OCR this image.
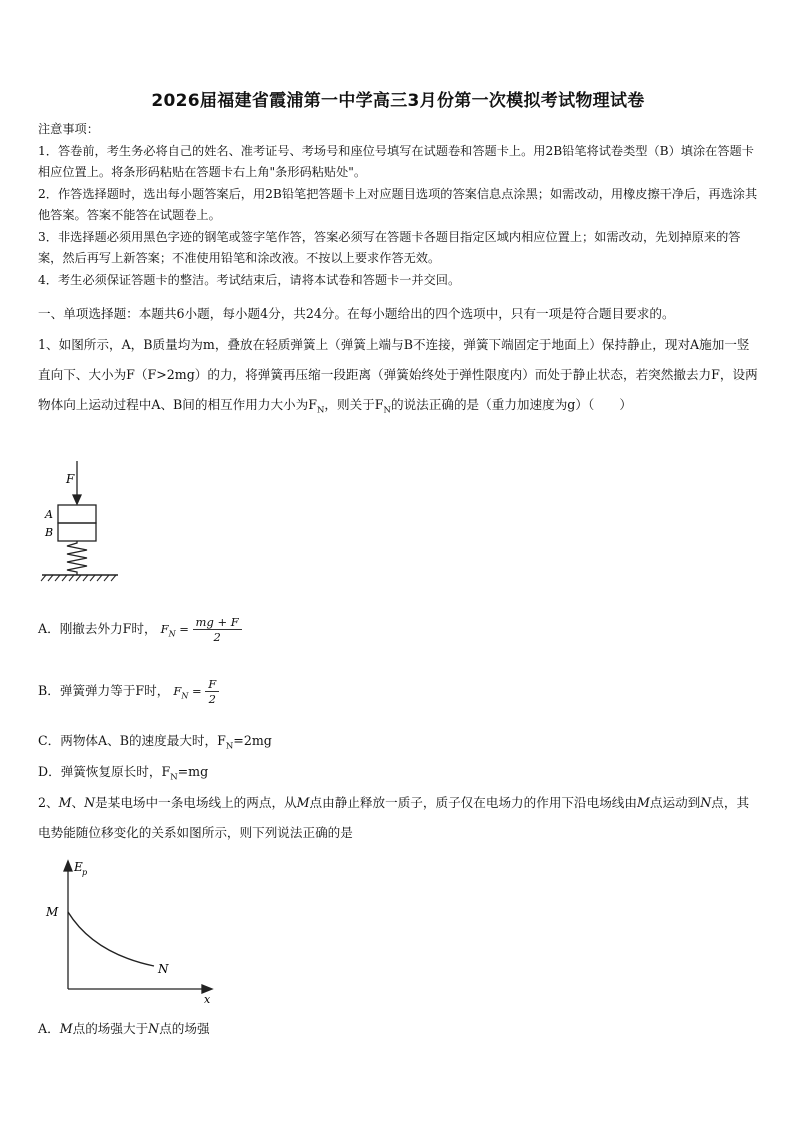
2026届福建省霞浦第一中学高三3月份第一次模拟考试物理试卷

注意事项：

1．答卷前，考生务必将自己的姓名、准考证号、考场号和座位号填写在试题卷和答题卡上。用2B铅笔将试卷类型（B）填涂在答题卡相应位置上。将条形码粘贴在答题卡右上角"条形码粘贴处"。

2．作答选择题时，选出每小题答案后，用2B铅笔把答题卡上对应题目选项的答案信息点涂黑；如需改动，用橡皮擦干净后，再选涂其他答案。答案不能答在试题卷上。

3．非选择题必须用黑色字迹的钢笔或签字笔作答，答案必须写在答题卡各题目指定区域内相应位置上；如需改动，先划掉原来的答案，然后再写上新答案；不准使用铅笔和涂改液。不按以上要求作答无效。

4．考生必须保证答题卡的整洁。考试结束后，请将本试卷和答题卡一并交回。

一、单项选择题：本题共6小题，每小题4分，共24分。在每小题给出的四个选项中，只有一项是符合题目要求的。
1、如图所示，A，B质量均为m，叠放在轻质弹簧上（弹簧上端与B不连接，弹簧下端固定于地面上）保持静止，现对A施加一竖直向下、大小为F（F>2mg）的力，将弹簧再压缩一段距离（弹簧始终处于弹性限度内）而处于静止状态，若突然撤去力F，设两物体向上运动过程中A、B间的相互作用力大小为$F_N$，则关于$F_N$的说法正确的是（重力加速度为g）（　　）
F
A
B
A．刚撤去外力F时， $F_N = \frac{mg + F}{2}$
B．弹簧弹力等于F时， $F_N = \frac{F}{2}$
C．两物体A、B的速度最大时，$F_N=2mg$
D．弹簧恢复原长时，$F_N=mg$
2、M、N是某电场中一条电场线上的两点，从M点由静止释放一质子，质子仅在电场力的作用下沿电场线由M点运动到N点，其电势能随位移变化的关系如图所示，则下列说法正确的是
E p
x
M
N
A．M点的场强大于N点的场强
